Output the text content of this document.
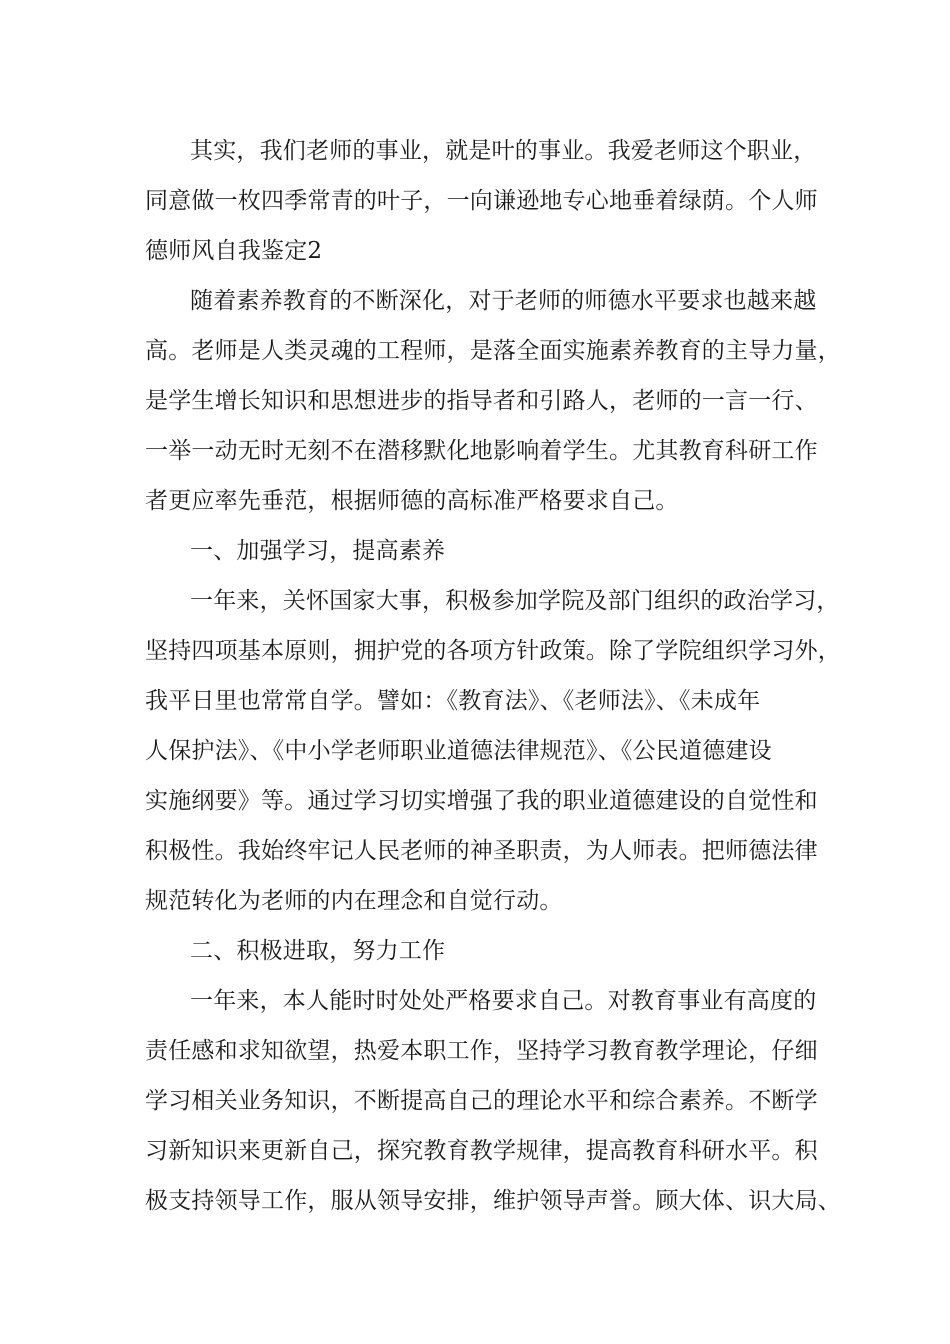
其实，我们老师的事业，就是叶的事业。我爱老师这个职业，
同意做一枚四季常青的叶子，一向谦逊地专心地垂着绿荫。个人师
德师风自我鉴定2
随着素养教育的不断深化，对于老师的师德水平要求也越来越
高。老师是人类灵魂的工程师，是落全面实施素养教育的主导力量，
是学生增长知识和思想进步的指导者和引路人，老师的一言一行、
一举一动无时无刻不在潜移默化地影响着学生。尤其教育科研工作
者更应率先垂范，根据师德的高标准严格要求自己。
一、加强学习，提高素养
一年来，关怀国家大事，积极参加学院及部门组织的政治学习，
坚持四项基本原则，拥护党的各项方针政策。除了学院组织学习外，
我平日里也常常自学。譬如：《教育法》、《老师法》、《未成年
人保护法》、《中小学老师职业道德法律规范》、《公民道德建设
实施纲要》等。通过学习切实增强了我的职业道德建设的自觉性和
积极性。我始终牢记人民老师的神圣职责，为人师表。把师德法律
规范转化为老师的内在理念和自觉行动。
二、积极进取，努力工作
一年来，本人能时时处处严格要求自己。对教育事业有高度的
责任感和求知欲望，热爱本职工作，坚持学习教育教学理论，仔细
学习相关业务知识，不断提高自己的理论水平和综合素养。不断学
习新知识来更新自己，探究教育教学规律，提高教育科研水平。积
极支持领导工作，服从领导安排，维护领导声誉。顾大体、识大局、
